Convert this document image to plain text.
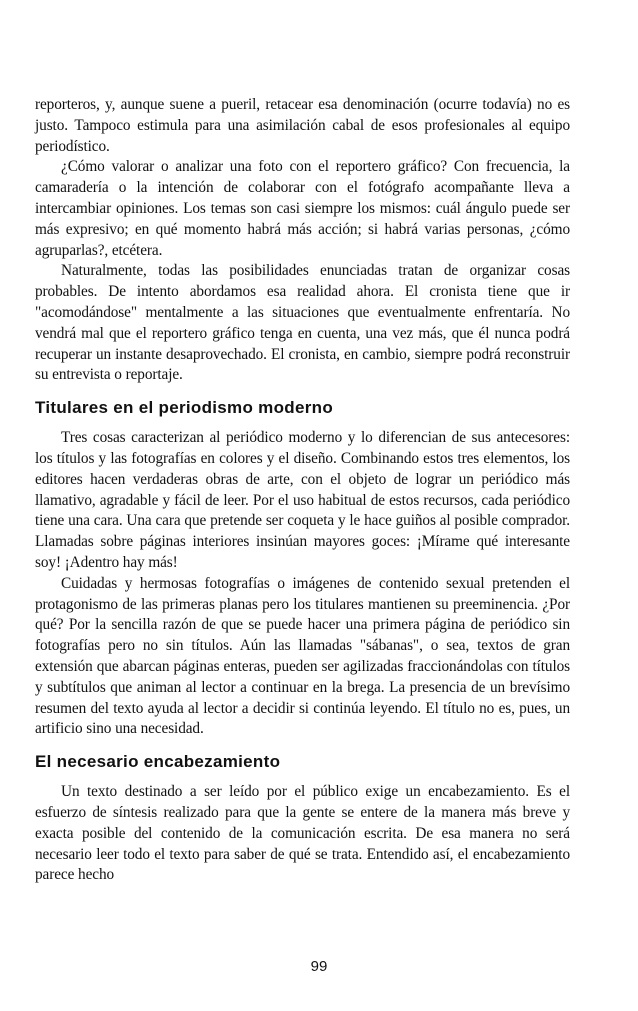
reporteros, y, aunque suene a pueril, retacear esa denominación (ocurre todavía) no es justo. Tampoco estimula para una asimilación cabal de esos profesionales al equipo periodístico.

¿Cómo valorar o analizar una foto con el reportero gráfico? Con frecuencia, la camaradería o la intención de colaborar con el fotógrafo acompañante lleva a intercambiar opiniones. Los temas son casi siempre los mismos: cuál ángulo puede ser más expresivo; en qué momento habrá más acción; si habrá varias personas, ¿cómo agruparlas?, etcétera.

Naturalmente, todas las posibilidades enunciadas tratan de organizar cosas probables. De intento abordamos esa realidad ahora. El cronista tiene que ir "acomodándose" mentalmente a las situaciones que eventualmente enfrentaría. No vendrá mal que el reportero gráfico tenga en cuenta, una vez más, que él nunca podrá recuperar un instante desaprovechado. El cronista, en cambio, siempre podrá reconstruir su entrevista o reportaje.

Titulares en el periodismo moderno

Tres cosas caracterizan al periódico moderno y lo diferencian de sus antecesores: los títulos y las fotografías en colores y el diseño. Combinando estos tres elementos, los editores hacen verdaderas obras de arte, con el objeto de lograr un periódico más llamativo, agradable y fácil de leer. Por el uso habitual de estos recursos, cada periódico tiene una cara. Una cara que pretende ser coqueta y le hace guiños al posible comprador. Llamadas sobre páginas interiores insinúan mayores goces: ¡Mírame qué interesante soy! ¡Adentro hay más!

Cuidadas y hermosas fotografías o imágenes de contenido sexual pretenden el protagonismo de las primeras planas pero los titulares mantienen su preeminencia. ¿Por qué? Por la sencilla razón de que se puede hacer una primera página de periódico sin fotografías pero no sin títulos. Aún las llamadas "sábanas", o sea, textos de gran extensión que abarcan páginas enteras, pueden ser agilizadas fraccionándolas con títulos y subtítulos que animan al lector a continuar en la brega. La presencia de un brevísimo resumen del texto ayuda al lector a decidir si continúa leyendo. El título no es, pues, un artificio sino una necesidad.

El necesario encabezamiento

Un texto destinado a ser leído por el público exige un encabezamiento. Es el esfuerzo de síntesis realizado para que la gente se entere de la manera más breve y exacta posible del contenido de la comunicación escrita. De esa manera no será necesario leer todo el texto para saber de qué se trata. Entendido así, el encabezamiento parece hecho

99
